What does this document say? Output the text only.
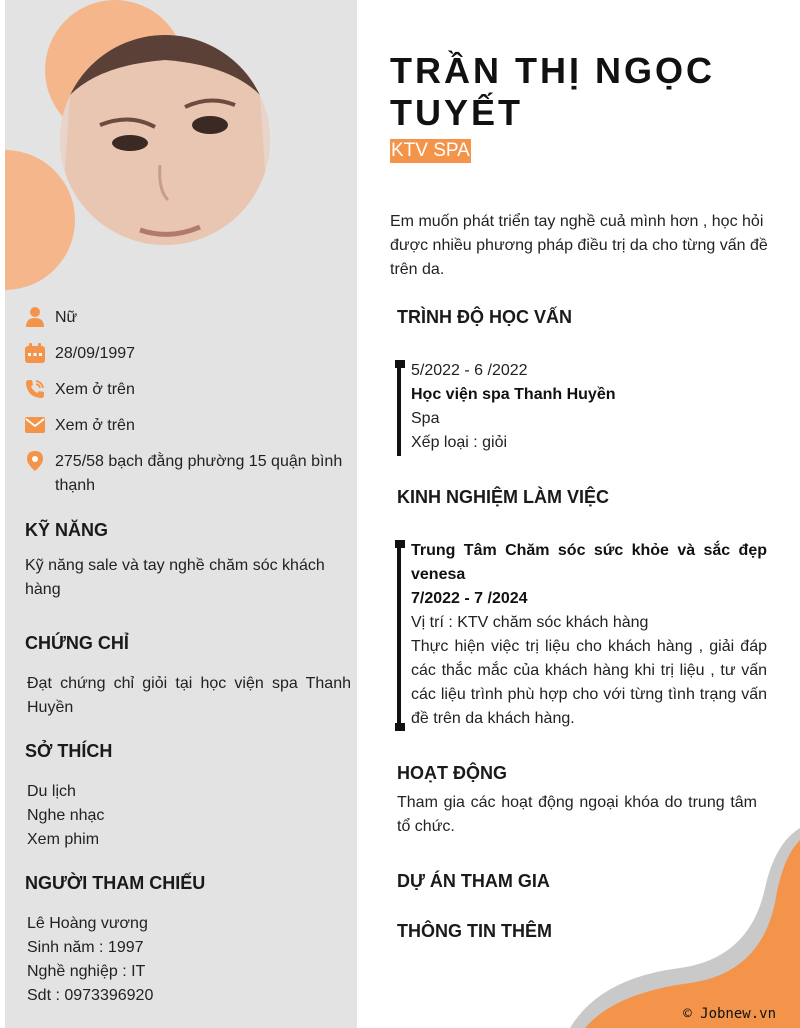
Nữ
28/09/1997
Xem ở trên
Xem ở trên
275/58 bạch đằng phường 15 quận bình thạnh
KỸ NĂNG
Kỹ năng sale và tay nghề chăm sóc khách hàng
CHỨNG CHỈ
Đạt chứng chỉ giỏi tại học viện spa Thanh Huyền
SỞ THÍCH
Du lịch
Nghe nhạc
Xem phim
NGƯỜI THAM CHIẾU
Lê Hoàng vương
Sinh năm : 1997
Nghề nghiệp : IT
Sdt : 0973396920
TRẦN THỊ NGỌC
TUYẾT
KTV SPA
Em muốn phát triển tay nghề cuả mình hơn , học hỏi được nhiều phương pháp điều trị da cho từng vấn đề trên da.
TRÌNH ĐỘ HỌC VẤN
5/2022 - 6 /2022
Học viện spa Thanh Huyền
Spa
Xếp loại : giỏi
KINH NGHIỆM LÀM VIỆC
Trung Tâm Chăm sóc sức khỏe và sắc đẹp venesa
7/2022 - 7 /2024
Vị trí : KTV chăm sóc khách hàng
Thực hiện việc trị liệu cho khách hàng , giải đáp các thắc mắc của khách hàng khi trị liệu , tư vấn các liệu trình phù hợp cho với từng tình trạng vấn đề trên da khách hàng.
HOẠT ĐỘNG
Tham gia các hoạt động ngoại khóa do trung tâm tổ chức.
DỰ ÁN THAM GIA
THÔNG TIN THÊM
© Jobnew.vn
